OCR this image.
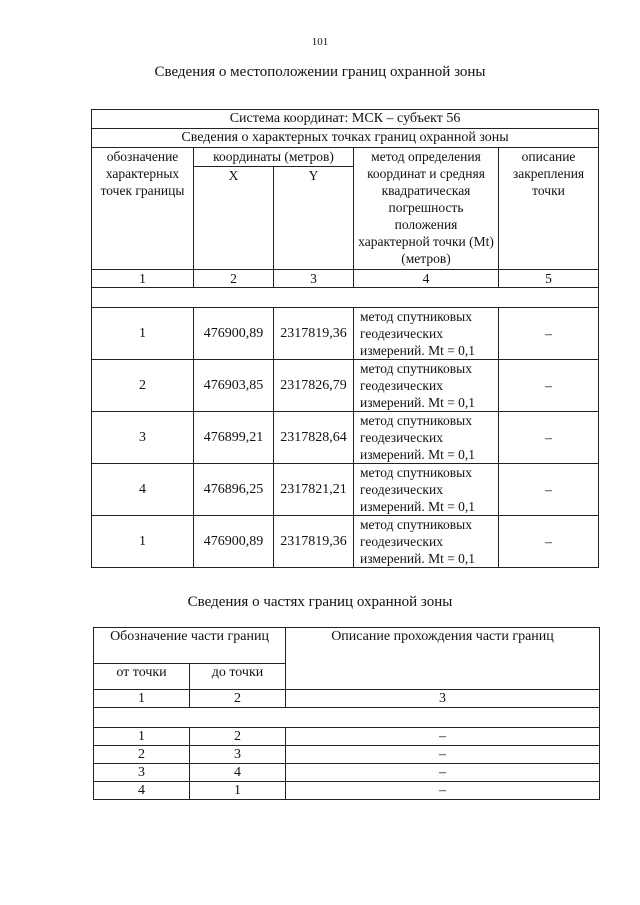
101
Сведения о местоположении границ охранной зоны
Система координат: МСК – субъект 56				
Сведения о характерных точках границ охранной зоны				
обозначение характерных точек границы	координаты (метров)		метод определения координат и средняя квадратическая погрешность положения характерной точки (Mt) (метров)	описание закрепления точки
	X	Y		
1	2	3	4	5

1	476900,89	2317819,36	метод спутниковых геодезических измерений. Mt = 0,1	–
2	476903,85	2317826,79	метод спутниковых геодезических измерений. Mt = 0,1	–
3	476899,21	2317828,64	метод спутниковых геодезических измерений. Mt = 0,1	–
4	476896,25	2317821,21	метод спутниковых геодезических измерений. Mt = 0,1	–
1	476900,89	2317819,36	метод спутниковых геодезических измерений. Mt = 0,1	–
Сведения о частях границ охранной зоны
Обозначение части границ		Описание прохождения части границ
от точки	до точки	
1	2	3

1	2	–
2	3	–
3	4	–
4	1	–
